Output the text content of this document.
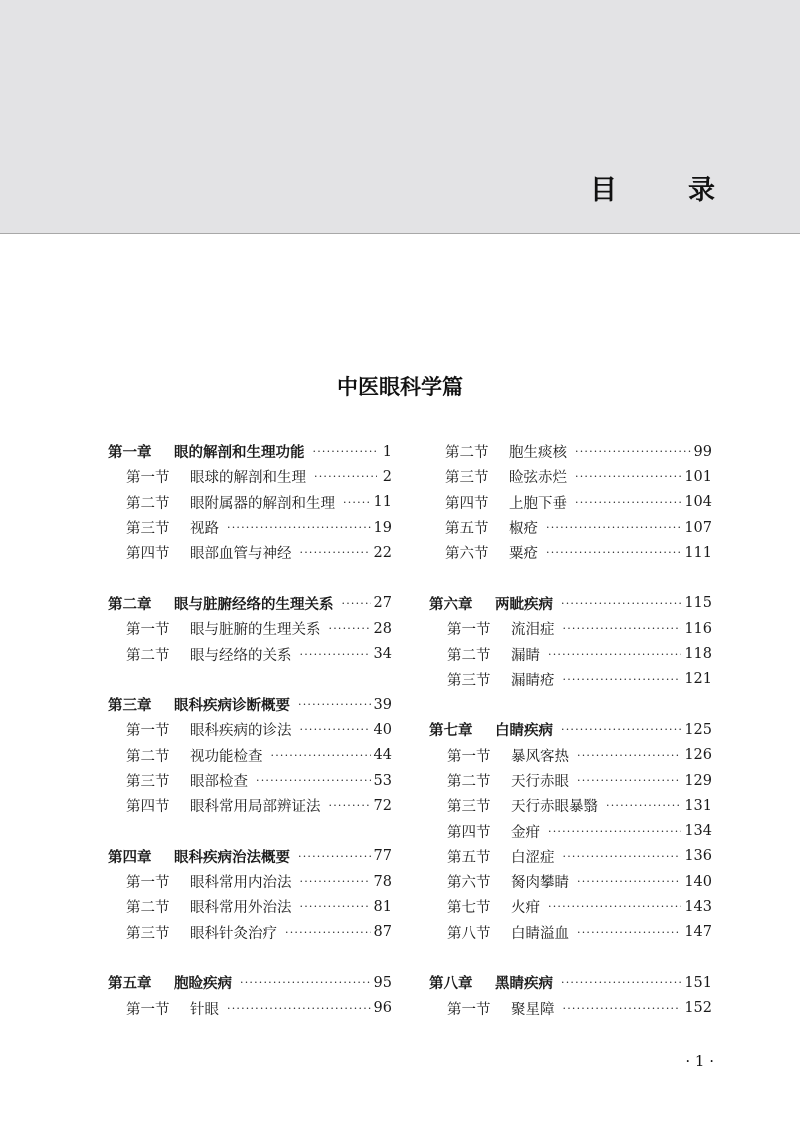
目　录
中医眼科学篇
第一章	眼的解剖和生理功能 ·····	1
第一节	眼球的解剖和生理 ·····	2
第二节	眼附属器的解剖和生理 ·····	11
第三节	视路 ·····	19
第四节	眼部血管与神经 ·····	22
第二章	眼与脏腑经络的生理关系 ·····	27
第一节	眼与脏腑的生理关系 ·····	28
第二节	眼与经络的关系 ·····	34
第三章	眼科疾病诊断概要 ·····	39
第一节	眼科疾病的诊法 ·····	40
第二节	视功能检查 ·····	44
第三节	眼部检查 ·····	53
第四节	眼科常用局部辨证法 ·····	72
第四章	眼科疾病治法概要 ·····	77
第一节	眼科常用内治法 ·····	78
第二节	眼科常用外治法 ·····	81
第三节	眼科针灸治疗 ·····	87
第五章	胞睑疾病 ·····	95
第一节	针眼 ·····	96
第二节	胞生痰核 ·····	99
第三节	睑弦赤烂 ·····	101
第四节	上胞下垂 ·····	104
第五节	椒疮 ·····	107
第六节	粟疮 ·····	111
第六章	两眦疾病 ·····	115
第一节	流泪症 ·····	116
第二节	漏睛 ·····	118
第三节	漏睛疮 ·····	121
第七章	白睛疾病 ·····	125
第一节	暴风客热 ·····	126
第二节	天行赤眼 ·····	129
第三节	天行赤眼暴翳 ·····	131
第四节	金疳 ·····	134
第五节	白涩症 ·····	136
第六节	胬肉攀睛 ·····	140
第七节	火疳 ·····	143
第八节	白睛溢血 ·····	147
第八章	黑睛疾病 ·····	151
第一节	聚星障 ·····	152
· 1 ·
